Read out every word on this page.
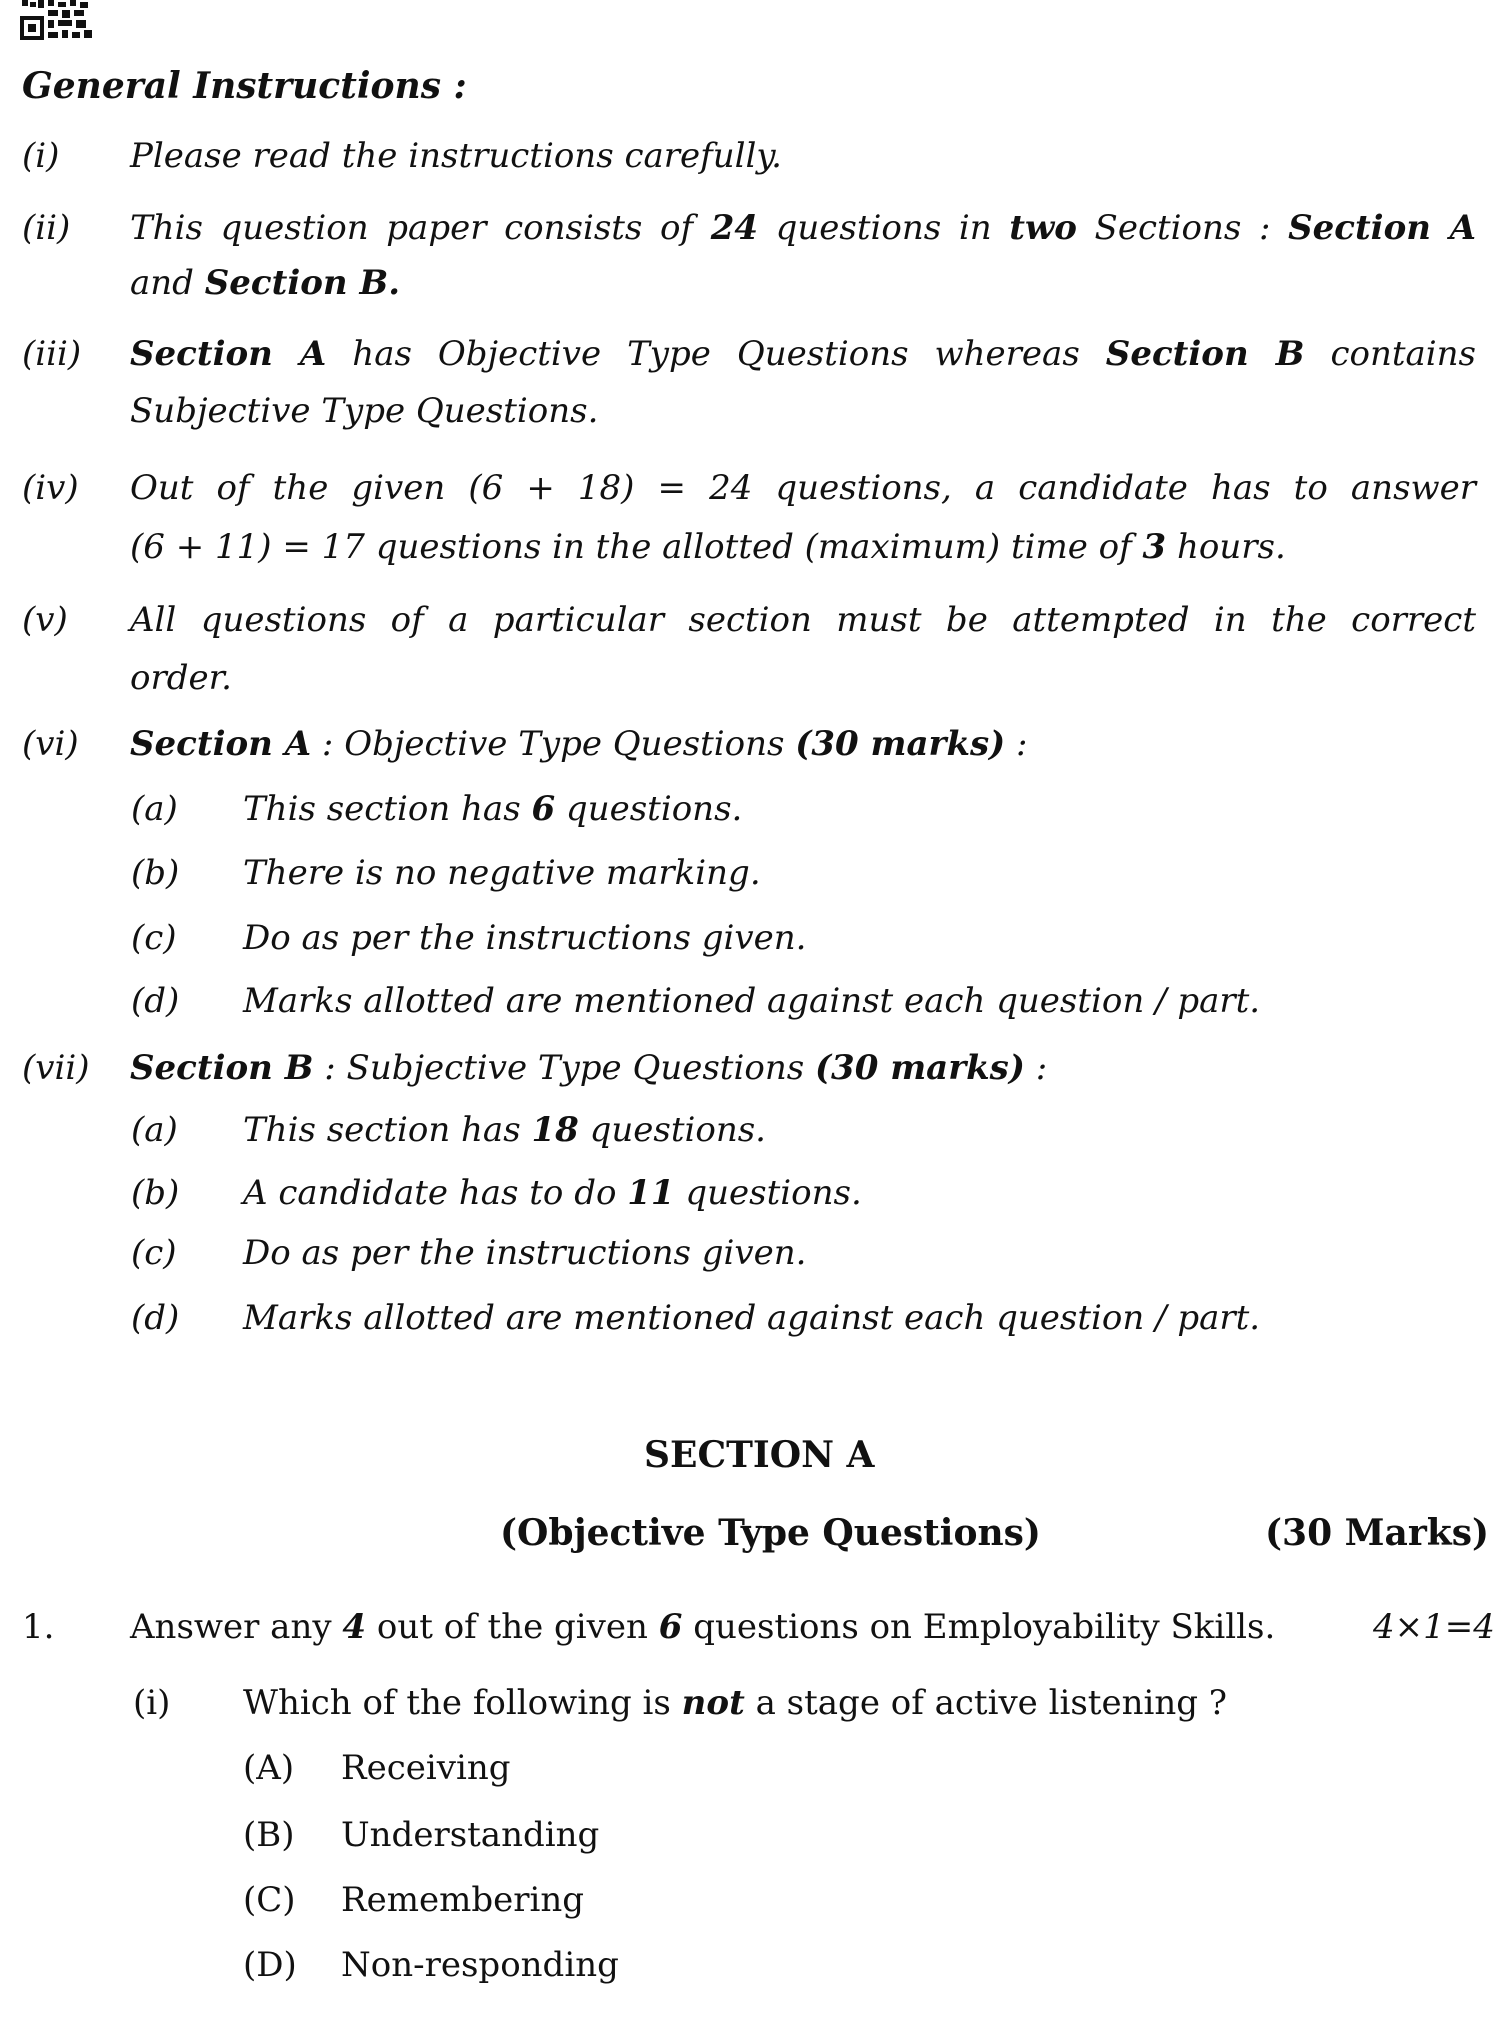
General Instructions :
(i) Please read the instructions carefully.
(ii) This question paper consists of 24 questions in two Sections : Section A
and Section B.
(iii) Section A has Objective Type Questions whereas Section B contains
Subjective Type Questions.
(iv) Out of the given (6 + 18) = 24 questions, a candidate has to answer
(6 + 11) = 17 questions in the allotted (maximum) time of 3 hours.
(v) All questions of a particular section must be attempted in the correct
order.
(vi) Section A : Objective Type Questions (30 marks) :
(a) This section has 6 questions.
(b) There is no negative marking.
(c) Do as per the instructions given.
(d) Marks allotted are mentioned against each question / part.
(vii) Section B : Subjective Type Questions (30 marks) :
(a) This section has 18 questions.
(b) A candidate has to do 11 questions.
(c) Do as per the instructions given.
(d) Marks allotted are mentioned against each question / part.
SECTION A
(Objective Type Questions)	(30 Marks)
1. Answer any 4 out of the given 6 questions on Employability Skills.	4×1=4
(i) Which of the following is not a stage of active listening ?
(A) Receiving
(B) Understanding
(C) Remembering
(D) Non-responding
